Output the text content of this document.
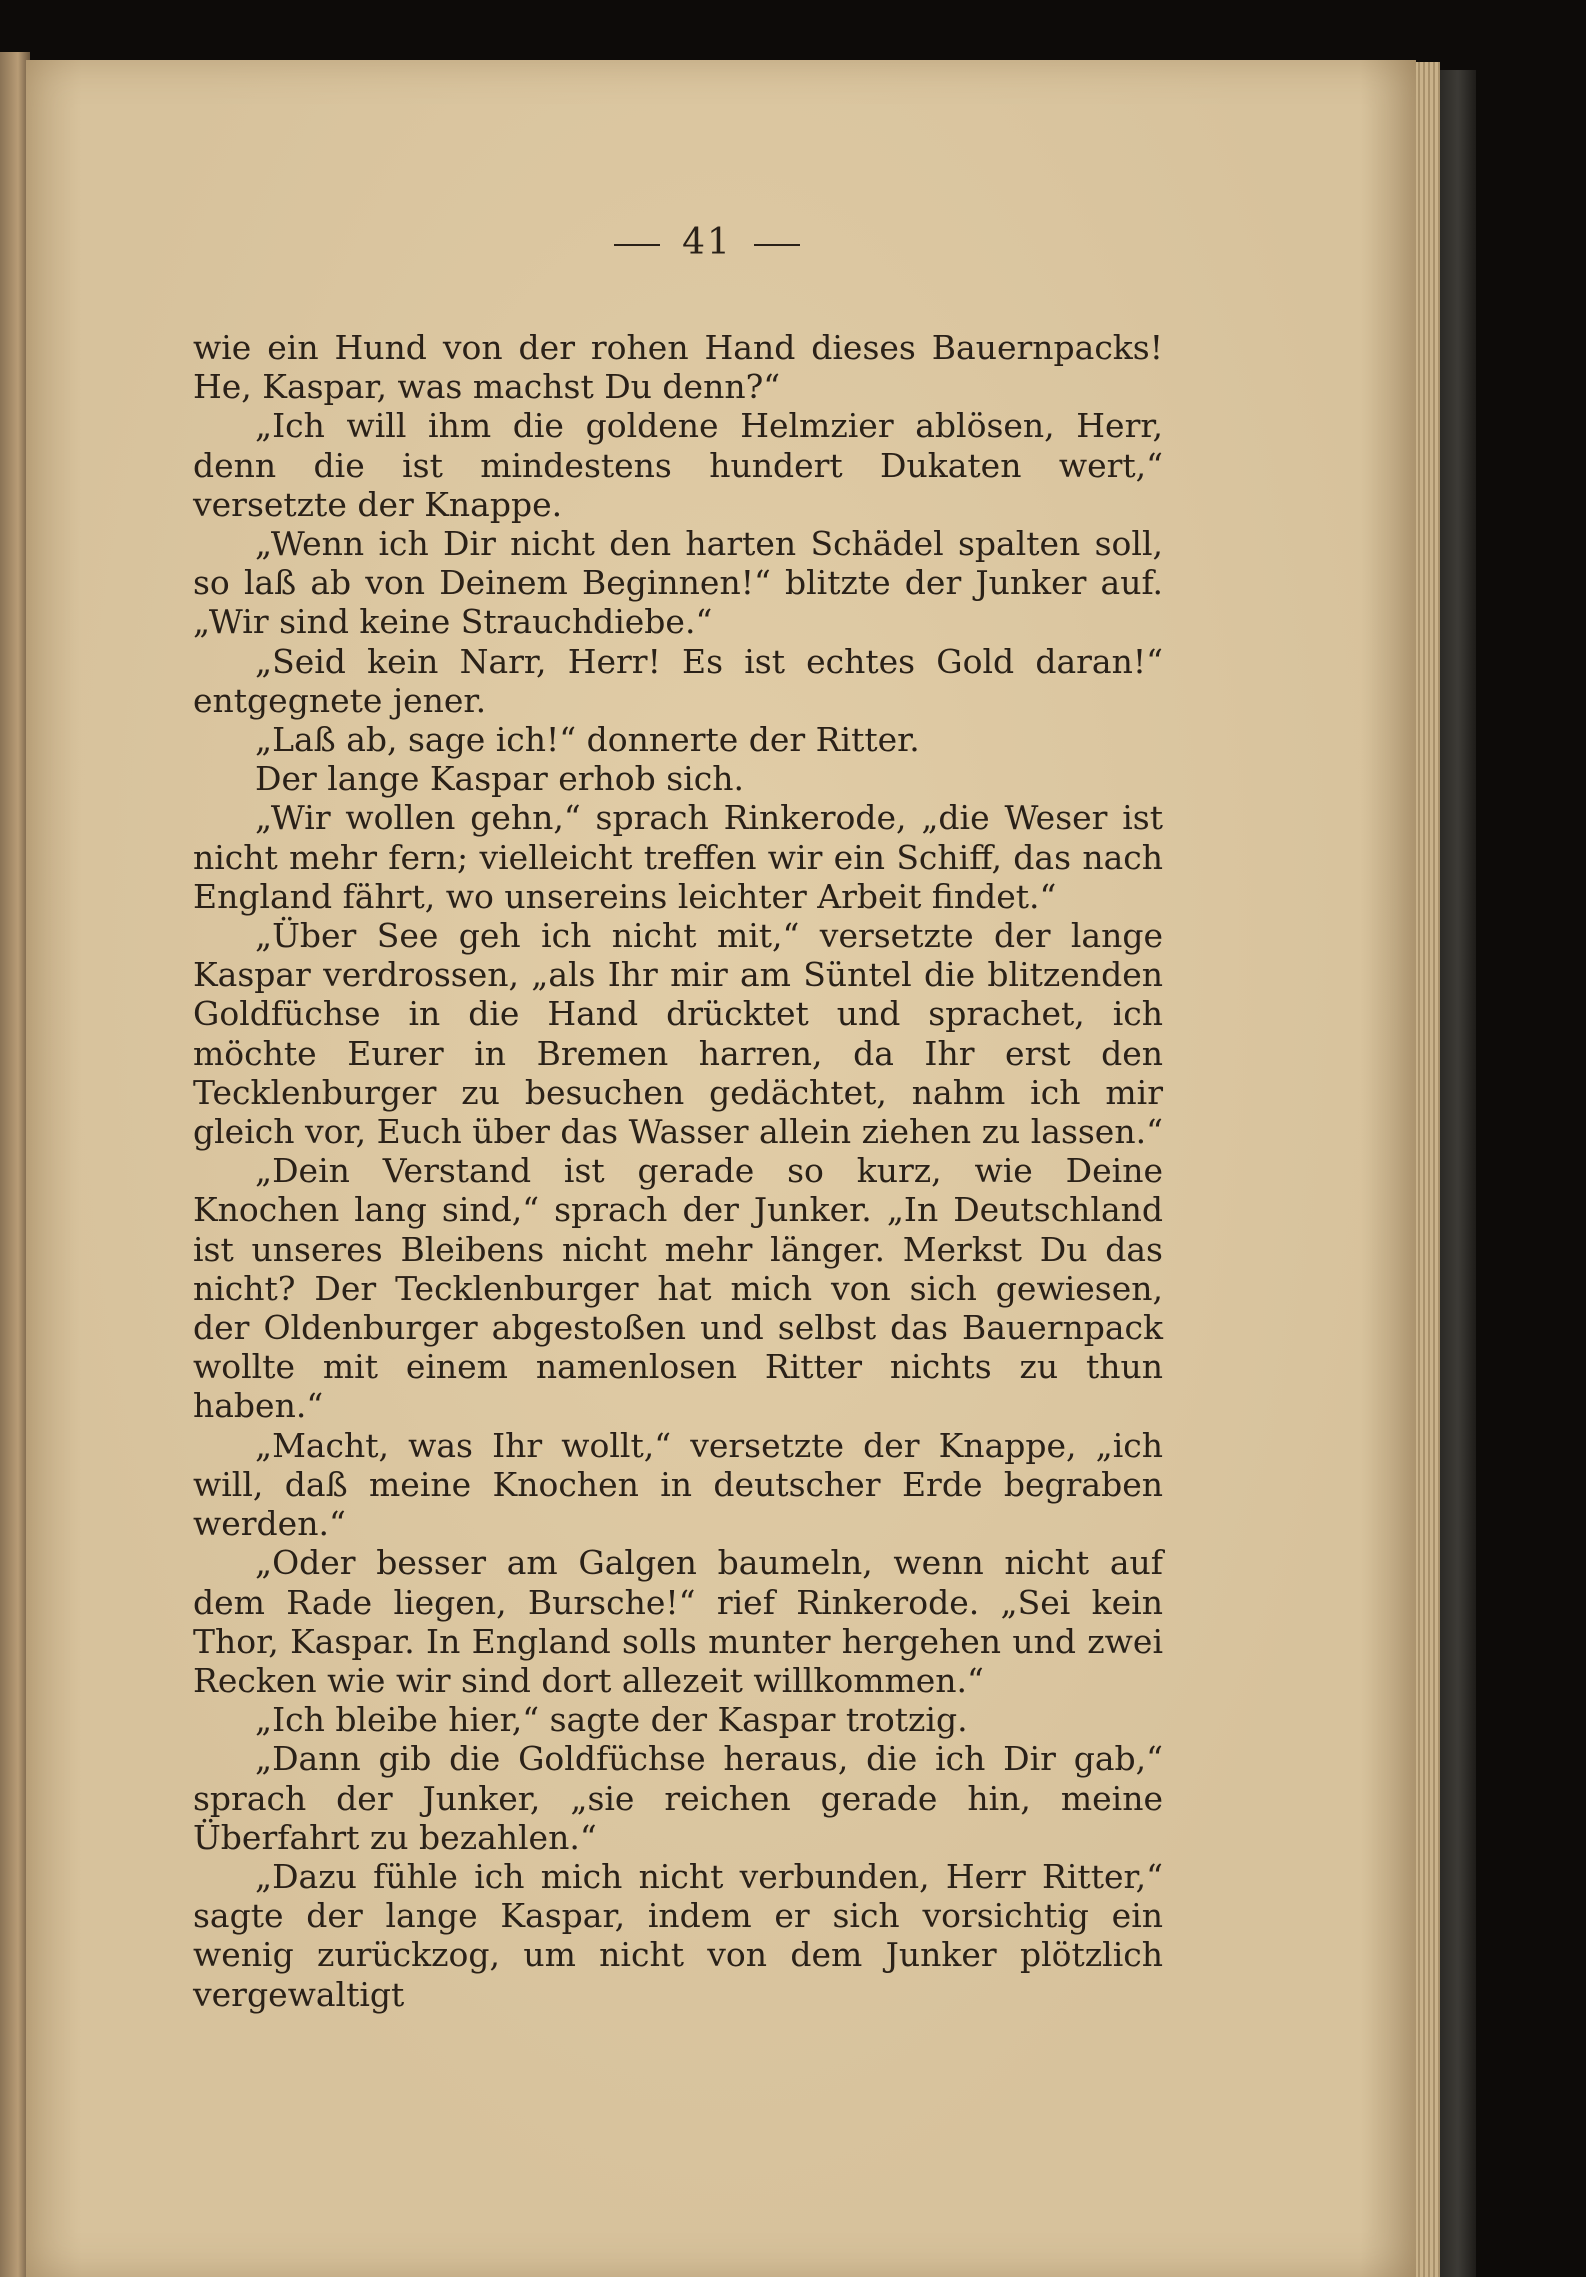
41

wie ein Hund von der rohen Hand dieses Bauernpacks! He, Kaspar, was machst Du denn?“

„Ich will ihm die goldene Helmzier ablösen, Herr, denn die ist mindestens hundert Dukaten wert,“ versetzte der Knappe.

„Wenn ich Dir nicht den harten Schädel spalten soll, so laß ab von Deinem Beginnen!“ blitzte der Junker auf. „Wir sind keine Strauchdiebe.“

„Seid kein Narr, Herr! Es ist echtes Gold daran!“ entgegnete jener.

„Laß ab, sage ich!“ donnerte der Ritter.

Der lange Kaspar erhob sich.

„Wir wollen gehn,“ sprach Rinkerode, „die Weser ist nicht mehr fern; vielleicht treffen wir ein Schiff, das nach England fährt, wo unsereins leichter Arbeit findet.“

„Über See geh ich nicht mit,“ versetzte der lange Kaspar verdrossen, „als Ihr mir am Süntel die blitzenden Goldfüchse in die Hand drücktet und sprachet, ich möchte Eurer in Bremen harren, da Ihr erst den Tecklenburger zu besuchen gedächtet, nahm ich mir gleich vor, Euch über das Wasser allein ziehen zu lassen.“

„Dein Verstand ist gerade so kurz, wie Deine Knochen lang sind,“ sprach der Junker. „In Deutschland ist unseres Bleibens nicht mehr länger. Merkst Du das nicht? Der Tecklenburger hat mich von sich gewiesen, der Oldenburger abgestoßen und selbst das Bauernpack wollte mit einem namenlosen Ritter nichts zu thun haben.“

„Macht, was Ihr wollt,“ versetzte der Knappe, „ich will, daß meine Knochen in deutscher Erde begraben werden.“

„Oder besser am Galgen baumeln, wenn nicht auf dem Rade liegen, Bursche!“ rief Rinkerode. „Sei kein Thor, Kaspar. In England solls munter hergehen und zwei Recken wie wir sind dort allezeit willkommen.“

„Ich bleibe hier,“ sagte der Kaspar trotzig.

„Dann gib die Goldfüchse heraus, die ich Dir gab,“ sprach der Junker, „sie reichen gerade hin, meine Überfahrt zu bezahlen.“

„Dazu fühle ich mich nicht verbunden, Herr Ritter,“ sagte der lange Kaspar, indem er sich vorsichtig ein wenig zurückzog, um nicht von dem Junker plötzlich vergewaltigt
